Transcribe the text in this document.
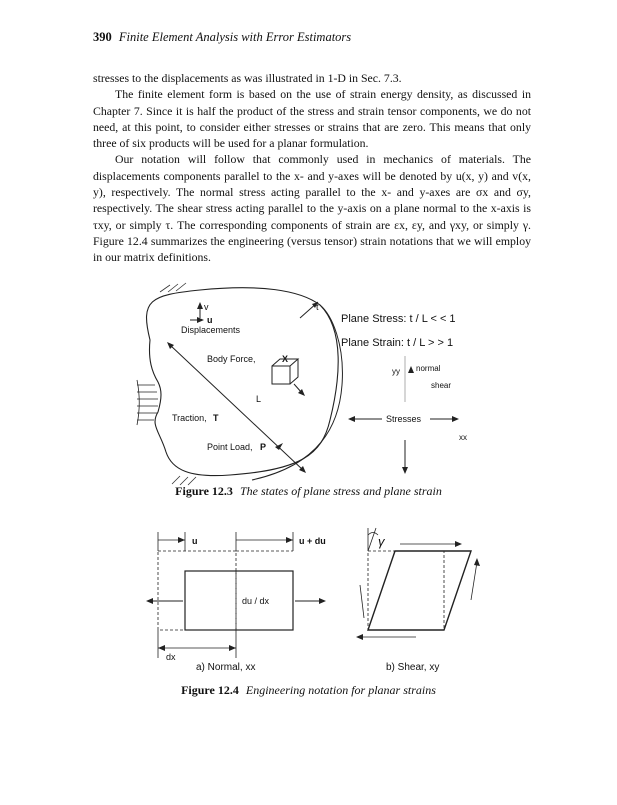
390 Finite Element Analysis with Error Estimators

stresses to the displacements as was illustrated in 1-D in Sec. 7.3.

The finite element form is based on the use of strain energy density, as discussed in Chapter 7. Since it is half the product of the stress and strain tensor components, we do not need, at this point, to consider either stresses or strains that are zero. This means that only three of six products will be used for a planar formulation.

Our notation will follow that commonly used in mechanics of materials. The displacements components parallel to the x- and y-axes will be denoted by u(x, y) and v(x, y), respectively. The normal stress acting parallel to the x- and y-axes are σx and σy, respectively. The shear stress acting parallel to the y-axis on a plane normal to the x-axis is τxy, or simply τ. The corresponding components of strain are εx, εy, and γxy, or simply γ. Figure 12.4 summarizes the engineering (versus tensor) strain notations that we will employ in our matrix definitions.

v
u
Displacements
t
Body Force,	X
L
Traction, T
Point Load, P
Plane Stress: t / L < < 1
Plane Strain: t / L > > 1
yy normal
shear
Stresses
xx
Figure 12.3 The states of plane stress and plane strain
u	u + du
du / dx
dx
a) Normal, xx
γ
b) Shear, xy
Figure 12.4 Engineering notation for planar strains
